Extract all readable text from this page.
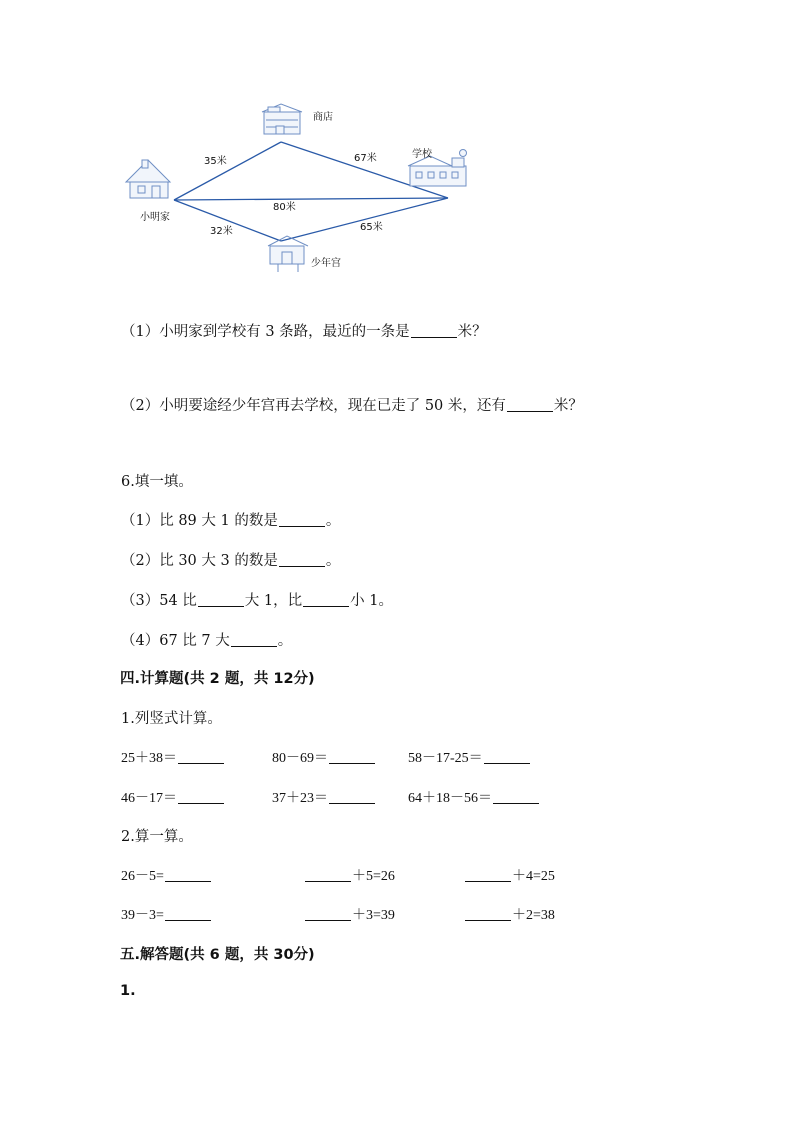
商店
学校
小明家
少年宫
35米	67米
80米
32米	65米
（1）小明家到学校有 3 条路，最近的一条是	米？
（2）小明要途经少年宫再去学校，现在已走了 50 米，还有	米？
6.填一填。
（1）比 89 大 1 的数是	。
（2）比 30 大 3 的数是	。
（3）54 比	大 1，比	小 1。
（4）67 比 7 大	。
四.计算题(共 2 题，共 12分)
1.列竖式计算。
25＋38＝	80－69＝	58－17-25＝
46－17＝	37＋23＝	64＋18－56＝
2.算一算。
26－5=	＋5=26	＋4=25
39－3=	＋3=39	＋2=38
五.解答题(共 6 题，共 30分)
1.
